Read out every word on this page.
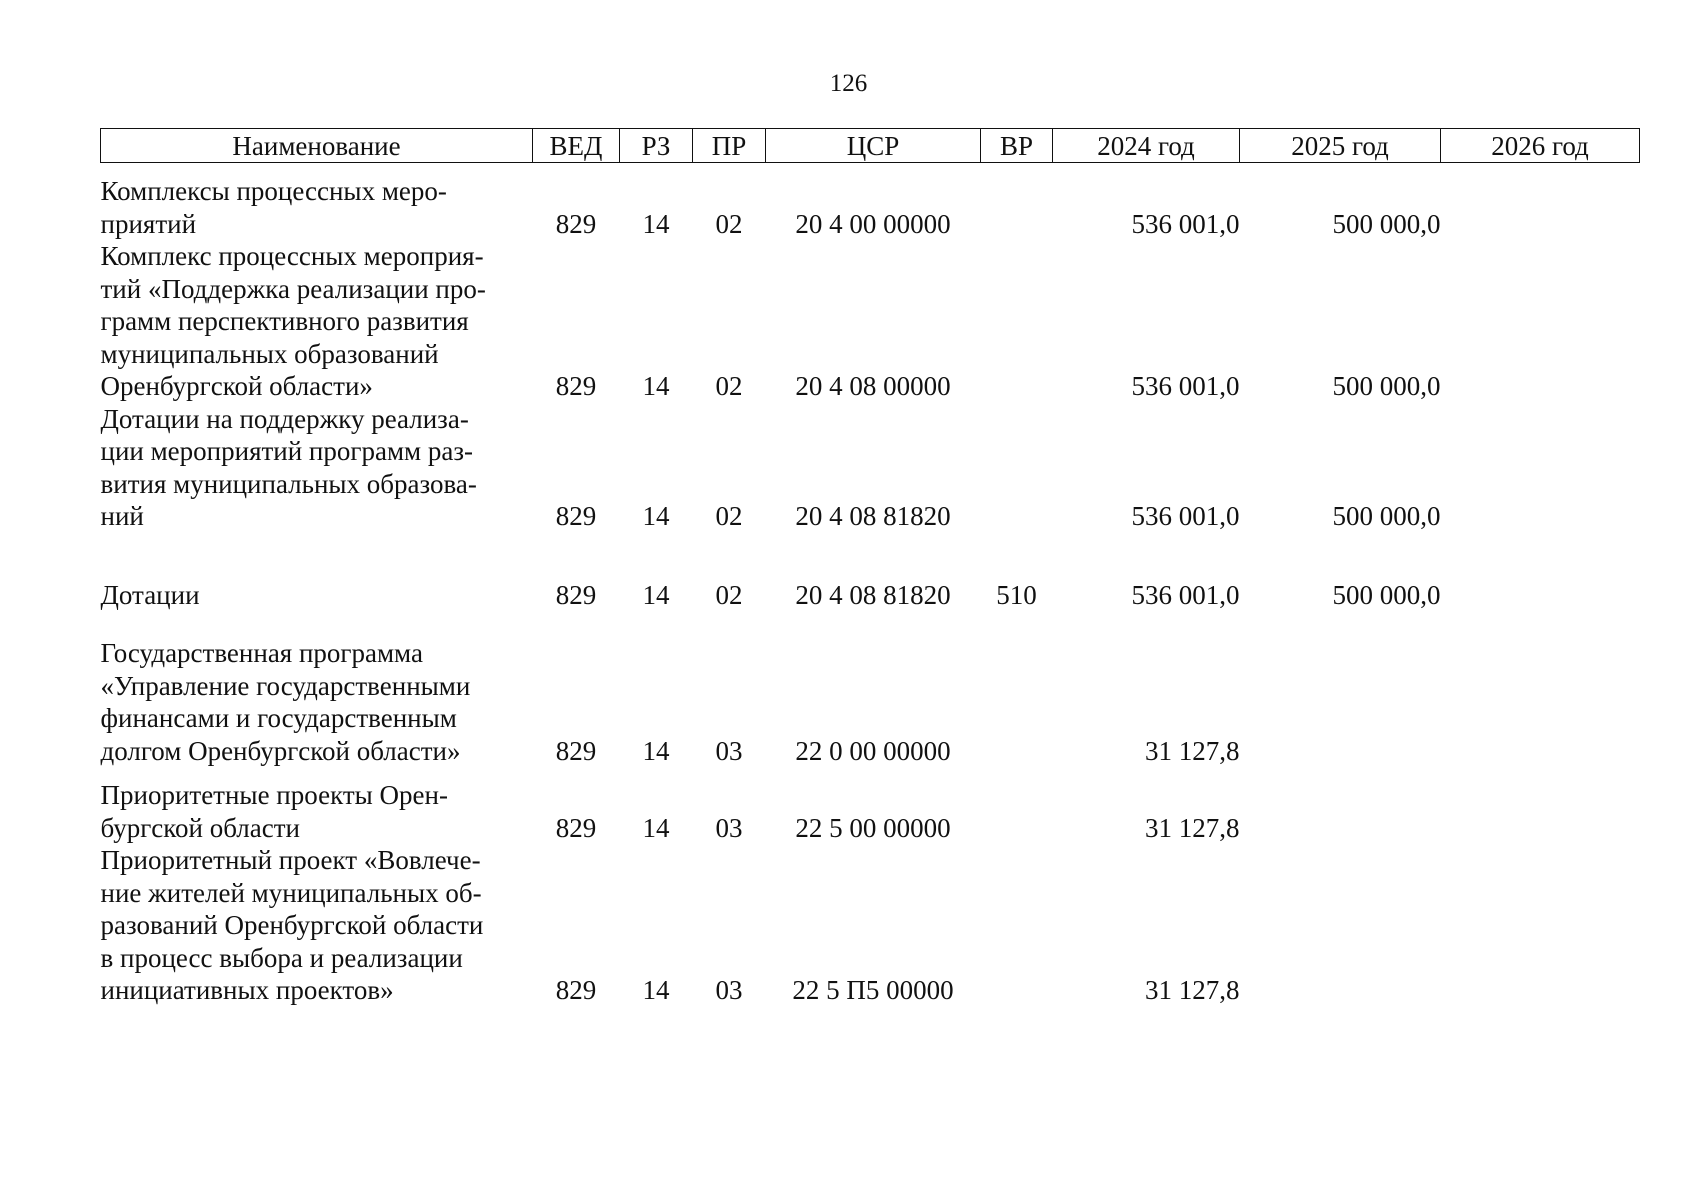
126
Наименование	ВЕД	РЗ	ПР	ЦСР	ВР	2024 год	2025 год	2026 год

Комплексы процессных меро-
приятий	829	14	02	20 4 00 00000		536 001,0	500 000,0	

Комплекс процессных мероприя-
тий «Поддержка реализации про-
грамм перспективного развития
муниципальных образований
Оренбургской области»	829	14	02	20 4 08 00000		536 001,0	500 000,0	

Дотации на поддержку реализа-
ции мероприятий программ раз-
вития муниципальных образова-
ний	829	14	02	20 4 08 81820		536 001,0	500 000,0	

Дотации	829	14	02	20 4 08 81820	510	536 001,0	500 000,0	

Государственная программа
«Управление государственными
финансами и государственным
долгом Оренбургской области»	829	14	03	22 0 00 00000		31 127,8		

Приоритетные проекты Орен-
бургской области	829	14	03	22 5 00 00000		31 127,8		

Приоритетный проект «Вовлече-
ние жителей муниципальных об-
разований Оренбургской области
в процесс выбора и реализации
инициативных проектов»	829	14	03	22 5 П5 00000		31 127,8		
